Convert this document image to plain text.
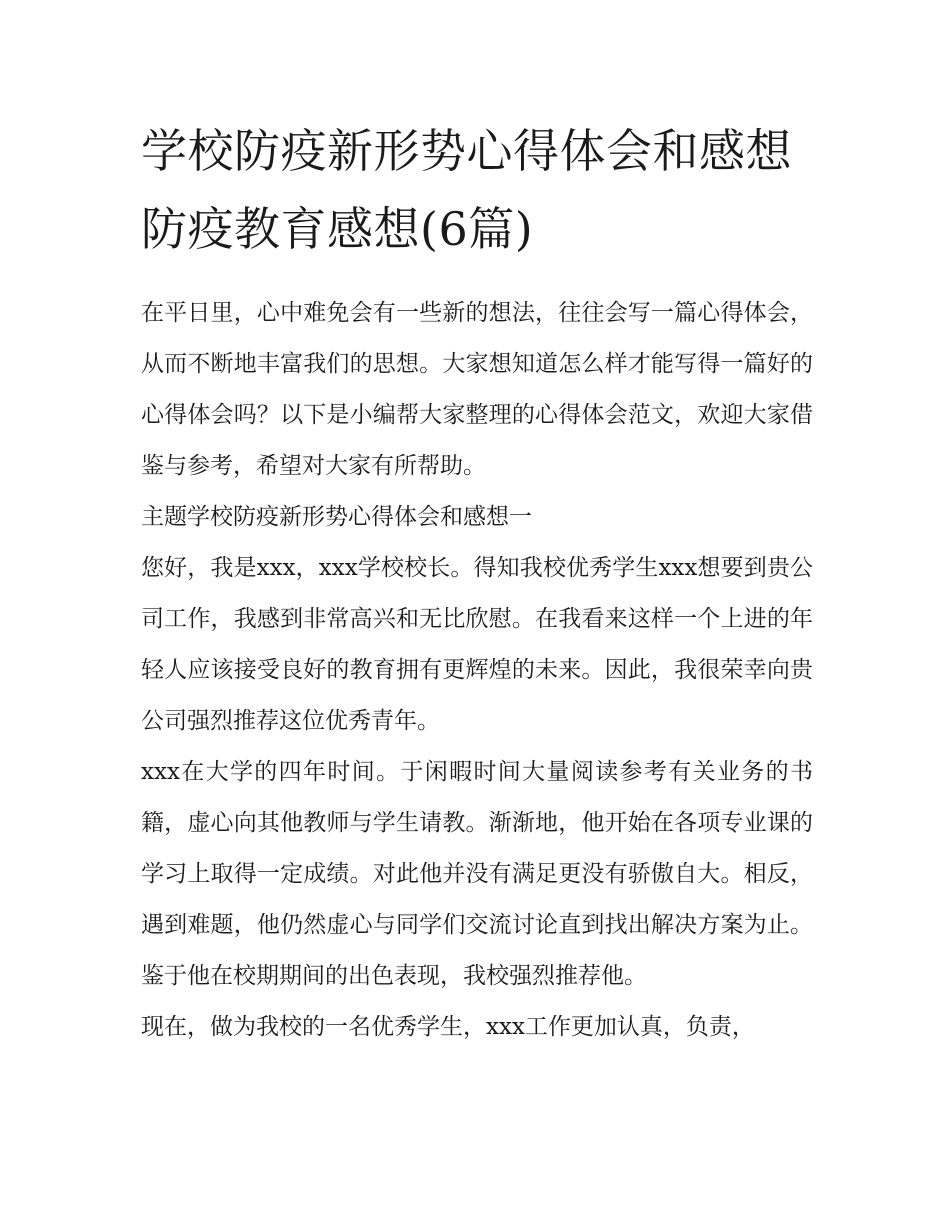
学校防疫新形势心得体会和感想 防疫教育感想(6篇)

在平日里，心中难免会有一些新的想法，往往会写一篇心得体会，从而不断地丰富我们的思想。大家想知道怎么样才能写得一篇好的心得体会吗？以下是小编帮大家整理的心得体会范文，欢迎大家借鉴与参考，希望对大家有所帮助。

主题学校防疫新形势心得体会和感想一

您好，我是xxx，xxx学校校长。得知我校优秀学生xxx想要到贵公司工作，我感到非常高兴和无比欣慰。在我看来这样一个上进的年轻人应该接受良好的教育拥有更辉煌的未来。因此，我很荣幸向贵公司强烈推荐这位优秀青年。

xxx在大学的四年时间。于闲暇时间大量阅读参考有关业务的书籍，虚心向其他教师与学生请教。渐渐地，他开始在各项专业课的学习上取得一定成绩。对此他并没有满足更没有骄傲自大。相反，遇到难题，他仍然虚心与同学们交流讨论直到找出解决方案为止。鉴于他在校期期间的出色表现，我校强烈推荐他。

现在，做为我校的一名优秀学生，xxx工作更加认真，负责，
